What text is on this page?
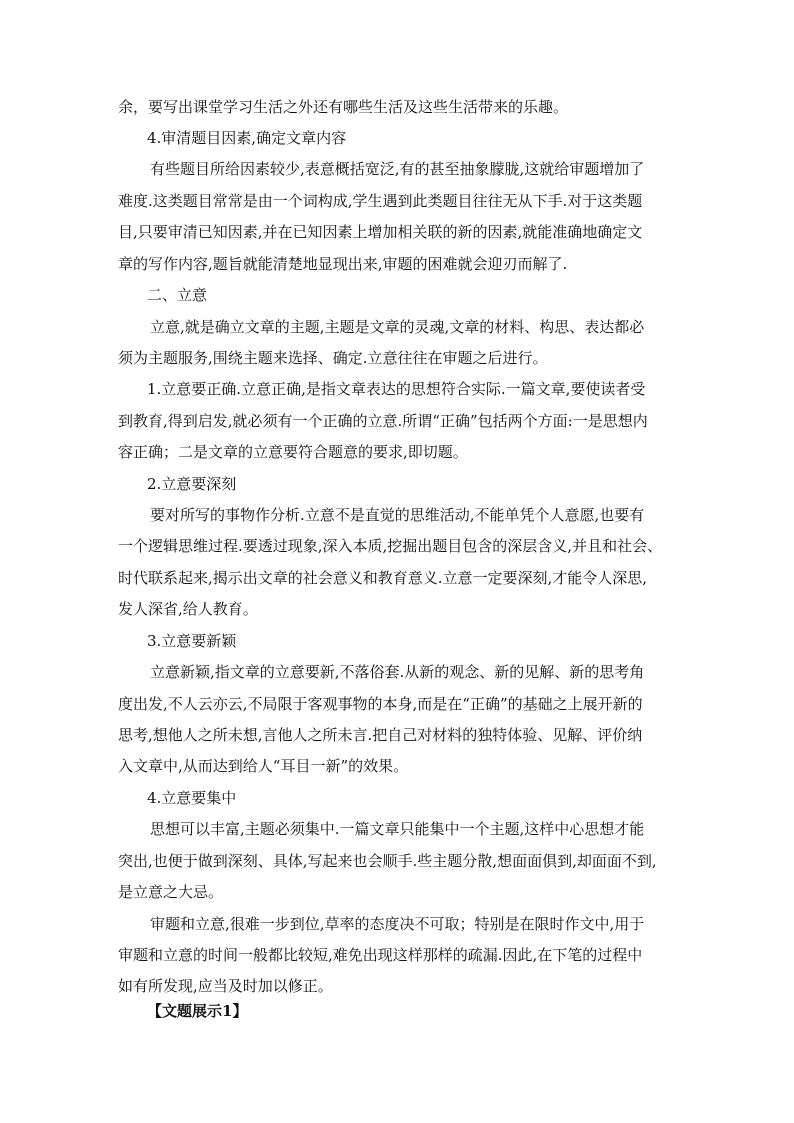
余，要写出课堂学习生活之外还有哪些生活及这些生活带来的乐趣。
4.审清题目因素,确定文章内容
有些题目所给因素较少,表意概括宽泛,有的甚至抽象朦胧,这就给审题增加了
难度.这类题目常常是由一个词构成,学生遇到此类题目往往无从下手.对于这类题
目,只要审清已知因素,并在已知因素上增加相关联的新的因素,就能准确地确定文
章的写作内容,题旨就能清楚地显现出来,审题的困难就会迎刃而解了.
二、立意
立意,就是确立文章的主题,主题是文章的灵魂,文章的材料、构思、表达都必
须为主题服务,围绕主题来选择、确定.立意往往在审题之后进行。
1.立意要正确.立意正确,是指文章表达的思想符合实际.一篇文章,要使读者受
到教育,得到启发,就必须有一个正确的立意.所谓“正确”包括两个方面:一是思想内
容正确；二是文章的立意要符合题意的要求,即切题。
2.立意要深刻
要对所写的事物作分析.立意不是直觉的思维活动,不能单凭个人意愿,也要有
一个逻辑思维过程.要透过现象,深入本质,挖掘出题目包含的深层含义,并且和社会、
时代联系起来,揭示出文章的社会意义和教育意义.立意一定要深刻,才能令人深思,
发人深省,给人教育。
3.立意要新颖
立意新颖,指文章的立意要新,不落俗套.从新的观念、新的见解、新的思考角
度出发,不人云亦云,不局限于客观事物的本身,而是在“正确”的基础之上展开新的
思考,想他人之所未想,言他人之所未言.把自己对材料的独特体验、见解、评价纳
入文章中,从而达到给人“耳目一新”的效果。
4.立意要集中
思想可以丰富,主题必须集中.一篇文章只能集中一个主题,这样中心思想才能
突出,也便于做到深刻、具体,写起来也会顺手.些主题分散,想面面俱到,却面面不到,
是立意之大忌。
审题和立意,很难一步到位,草率的态度决不可取；特别是在限时作文中,用于
审题和立意的时间一般都比较短,难免出现这样那样的疏漏.因此,在下笔的过程中
如有所发现,应当及时加以修正。
【文题展示1】
